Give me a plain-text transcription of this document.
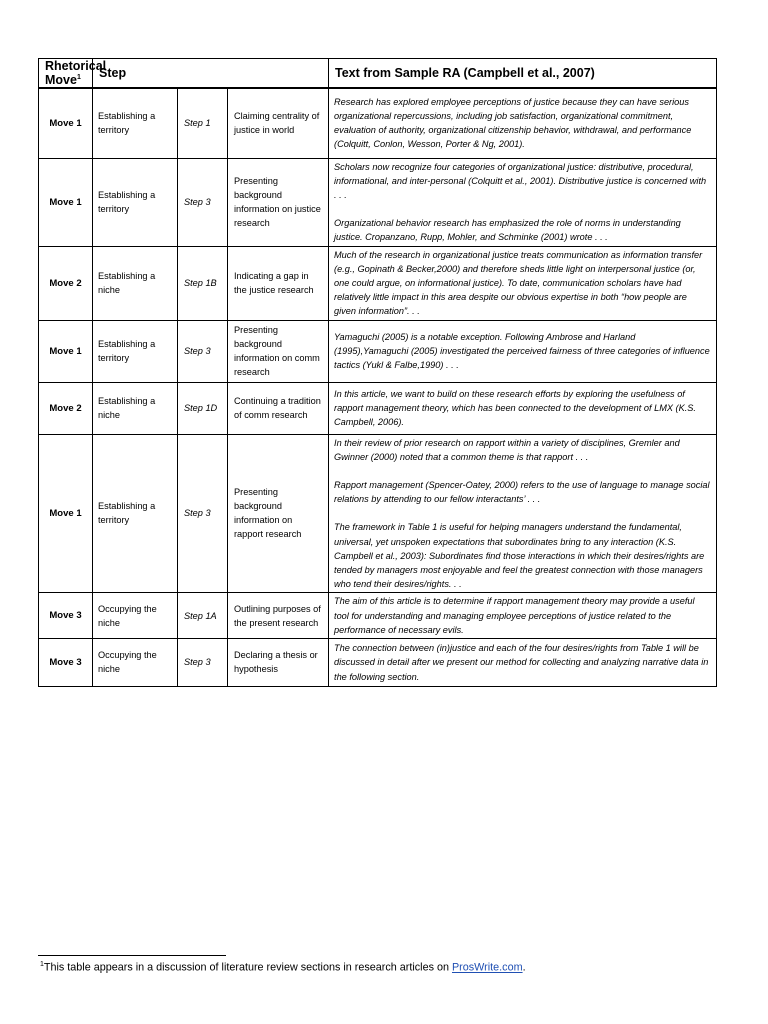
Rhetorical Move$^1$	Step			Text from Sample RA (Campbell et al., 2007)
Move 1	Establishing a territory	Step 1	Claiming centrality of justice in world	Research has explored employee perceptions of justice because they can have serious organizational repercussions, including job satisfaction, organizational commitment, evaluation of authority, organizational citizenship behavior, withdrawal, and performance (Colquitt, Conlon, Wesson, Porter & Ng, 2001).

Move 1	Establishing a territory	Step 3	Presenting background information on justice research	Scholars now recognize four categories of organizational justice: distributive, procedural, informational, and inter-personal (Colquitt et al., 2001). Distributive justice is concerned with . . .

Organizational behavior research has emphasized the role of norms in understanding justice. Cropanzano, Rupp, Mohler, and Schminke (2001) wrote . . .

Move 2	Establishing a niche	Step 1B	Indicating a gap in the justice research	Much of the research in organizational justice treats communication as information transfer (e.g., Gopinath & Becker,2000) and therefore sheds little light on interpersonal justice (or, one could argue, on informational justice). To date, communication scholars have had relatively little impact in this area despite our obvious expertise in both “how people are given information”. . .

Move 1	Establishing a territory	Step 3	Presenting background information on comm research	Yamaguchi (2005) is a notable exception. Following Ambrose and Harland (1995),Yamaguchi (2005) investigated the perceived fairness of three categories of influence tactics (Yukl & Falbe,1990) . . .

Move 2	Establishing a niche	Step 1D	Continuing a tradition of comm research	In this article, we want to build on these research efforts by exploring the usefulness of rapport management theory, which has been connected to the development of LMX (K.S. Campbell, 2006).

Move 1	Establishing a territory	Step 3	Presenting background information on rapport research	In their review of prior research on rapport within a variety of disciplines, Gremler and Gwinner (2000) noted that a common theme is that rapport . . .

Rapport management (Spencer-Oatey, 2000) refers to the use of language to manage social relations by attending to our fellow interactants’ . . .

The framework in Table 1 is useful for helping managers understand the fundamental, universal, yet unspoken expectations that subordinates bring to any interaction (K.S. Campbell et al., 2003): Subordinates find those interactions in which their desires/rights are tended by managers most enjoyable and feel the greatest connection with those managers who tend their desires/rights. . .

Move 3	Occupying the niche	Step 1A	Outlining purposes of the present research	The aim of this article is to determine if rapport management theory may provide a useful tool for understanding and managing employee perceptions of justice related to the performance of necessary evils.

Move 3	Occupying the niche	Step 3	Declaring a thesis or hypothesis	The connection between (in)justice and each of the four desires/rights from Table 1 will be discussed in detail after we present our method for collecting and analyzing narrative data in the following section.

$^1$This table appears in a discussion of literature review sections in research articles on ProsWrite.com.
